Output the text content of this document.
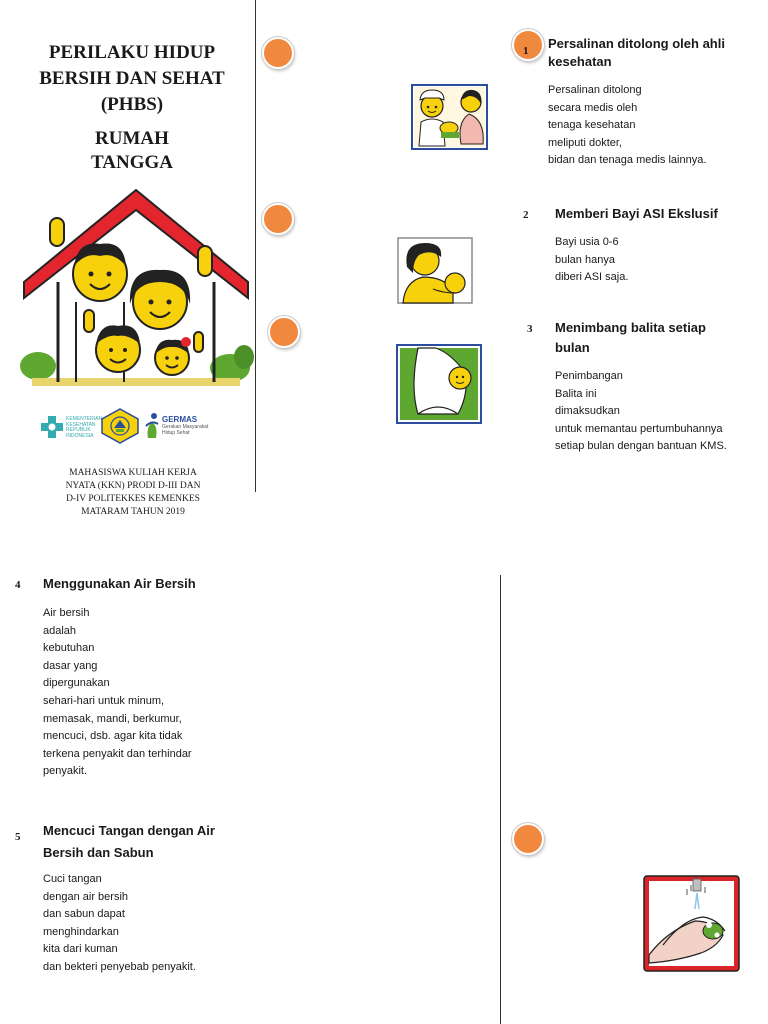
PERILAKU HIDUP
BERSIH DAN SEHAT
(PHBS)
RUMAH
TANGGA
KEMENTERIAN
KESEHATAN
REPUBLIK
INDONESIA
GERMAS
Gerakan Masyarakat
Hidup Sehat
MAHASISWA KULIAH KERJA
NYATA (KKN) PRODI D-III DAN
D-IV POLITEKKES KEMENKES
MATARAM TAHUN 2019
1 Persalinan ditolong oleh ahli
kesehatan
Persalinan ditolong
secara medis oleh
tenaga kesehatan
meliputi dokter,
bidan dan tenaga medis lainnya.
2 Memberi Bayi ASI Ekslusif
Bayi usia 0-6
bulan hanya
diberi ASI saja.
3 Menimbang balita setiap
bulan
Penimbangan
Balita ini
dimaksudkan
untuk memantau pertumbuhannya
setiap bulan dengan bantuan KMS.
4 Menggunakan Air Bersih
Air bersih
adalah
kebutuhan
dasar yang
dipergunakan
sehari-hari untuk minum,
memasak, mandi, berkumur,
mencuci, dsb. agar kita tidak
terkena penyakit dan terhindar
penyakit.
5 Mencuci Tangan dengan Air
Bersih dan Sabun
Cuci tangan
dengan air bersih
dan sabun dapat
menghindarkan
kita dari kuman
dan bekteri penyebab penyakit.
